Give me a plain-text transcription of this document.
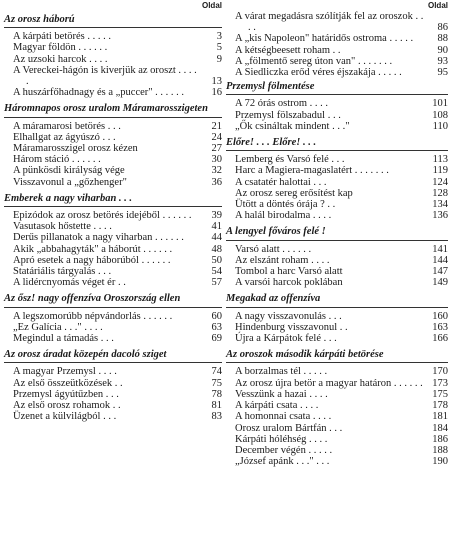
Oldal
Az orosz háború
A kárpáti betörés . . . . .	3
Magyar földön . . . . . .	5
Az uzsoki harcok . . . .	9
A Vereckei-hágón is kiverjük az oroszt . . . . .	13
A huszárfőhadnagy és a „puccer" . . . . . .	16
Háromnapos orosz uralom Máramarosszigeten
A máramarosi betörés . . .	21
Elhallgat az ágyúszó . . .	24
Máramarosszigel orosz kézen	27
Három stáció . . . . . .	30
A pünkösdi királyság vége	32
Visszavonul a „gőzhenger"	36
Emberek a nagy viharban . . .
Epizódok az orosz betörés idejéből . . . . . .	39
Vasutasok hőstette . . . .	41
Derűs pillanatok a nagy viharban . . . . . .	44
Akik „abbahagyták" a háborút . . . . . .	48
Apró esetek a nagy háborúból . . . . . .	50
Statáriális tárgyalás . . .	54
A lidércnyomás véget ér . .	57
Az ősz! nagy offenzíva Oroszország ellen
A legszomorúbb népvándorlás . . . . . .	60
„Ez Galícia . . ." . . . .	63
Megindul a támadás . . .	69
Az orosz áradat közepén dacoló sziget
A magyar Przemysl . . . .	74
Az első összeütközések . .	75
Przemysl ágyútűzben . . .	78
Az első orosz rohamok . .	81
Üzenet a külvilágból . . .	83
Oldal
A várat megadásra szólítják fel az oroszok . . . .	86
A „kis Napoleon" határidős ostroma . . . . .	88
A kétségbeesett roham . .	90
A „fölmentő sereg úton van" . . . . . . .	93
A Siedliczka erőd véres éjszakája . . . . .	95
Przemysl fölmentése
A 72 órás ostrom . . . .	101
Przemysl fölszabadul . . .	108
„Ők csináltak mindent . . ."	110
Előre! . . . Előre! . . .
Lemberg és Varsó felé . . .	113
Harc a Magiera-magaslatért . . . . . . .	119
A csatatér halottai . . .	124
Az orosz sereg erősítést kap	128
Ütött a döntés órája ? . .	134
A halál birodalma . . . .	136
A lengyel főváros felé !
Varsó alatt . . . . . .	141
Az elszánt roham . . . .	144
Tombol a harc Varsó alatt	147
A varsói harcok poklában	149
Megakad az offenzíva
A nagy visszavonulás . . .	160
Hindenburg visszavonul . .	163
Újra a Kárpátok felé . . .	166
Az oroszok második kárpáti betörése
A borzalmas tél . . . . .	170
Az orosz újra betör a magyar határon . . . . . . 173
Vesszünk a hazai . . . .	175
A kárpáti csata . . . .	178
A homonnai csata . . . .	181
Orosz uralom Bártfán . . .	184
Kárpáti hóléhség . . . .	186
December végén . . . . .	188
„József apánk . . ." . . .	190
